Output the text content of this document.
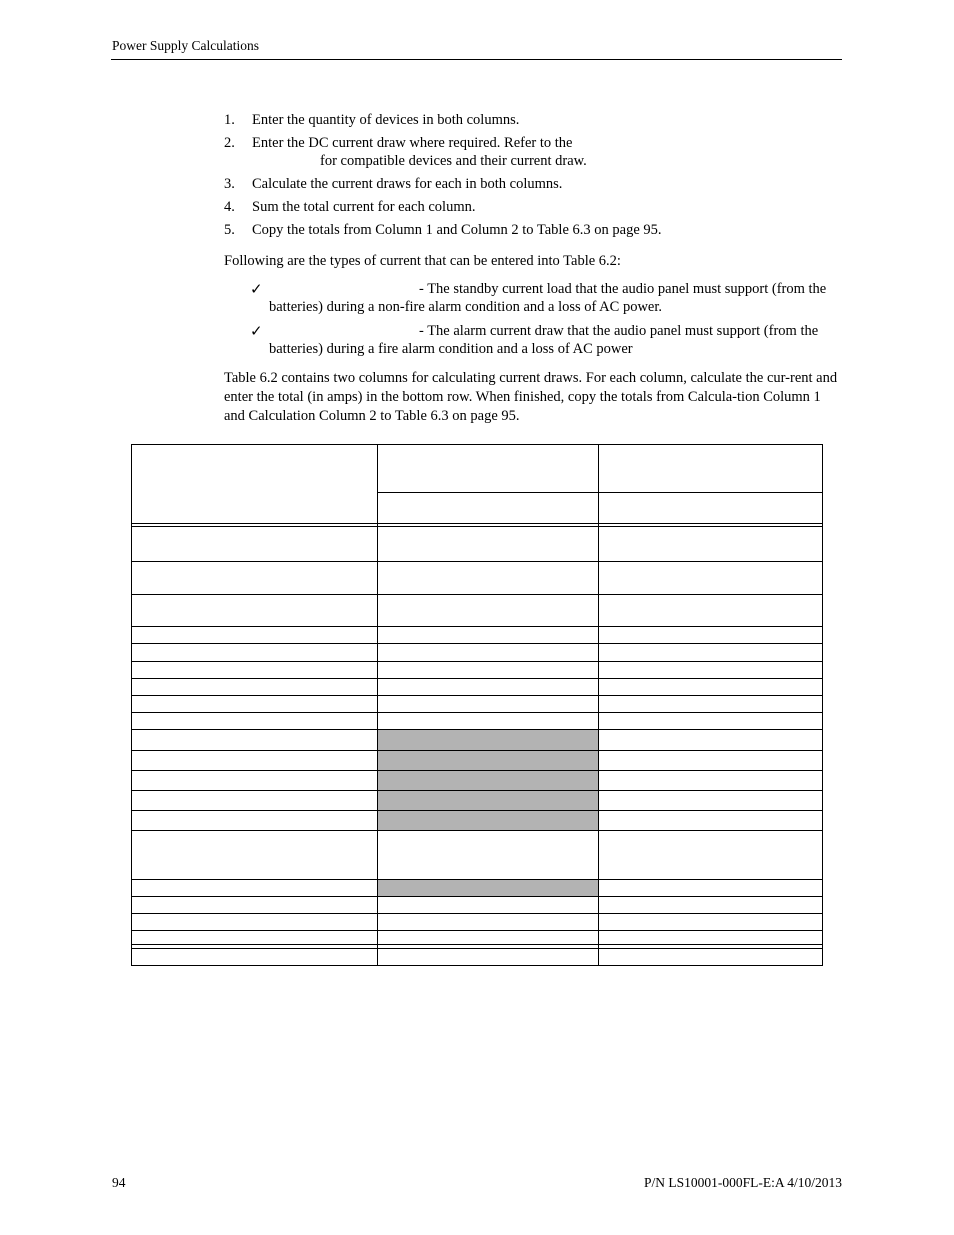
Power Supply Calculations
1. Enter the quantity of devices in both columns.
2. Enter the DC current draw where required. Refer to the
for compatible devices and their current draw.
3. Calculate the current draws for each in both columns.
4. Sum the total current for each column.
5. Copy the totals from Column 1 and Column 2 to Table 6.3 on page 95.
Following are the types of current that can be entered into Table 6.2:
✓	- The standby current load that the audio panel must support (from the batteries) during a non-fire alarm condition and a loss of AC power.
✓	- The alarm current draw that the audio panel must support (from the batteries) during a fire alarm condition and a loss of AC power
Table 6.2 contains two columns for calculating current draws. For each column, calculate the cur-rent and enter the total (in amps) in the bottom row. When finished, copy the totals from Calcula-tion Column 1 and Calculation Column 2 to Table 6.3 on page 95.
94	P/N LS10001-000FL-E:A 4/10/2013
